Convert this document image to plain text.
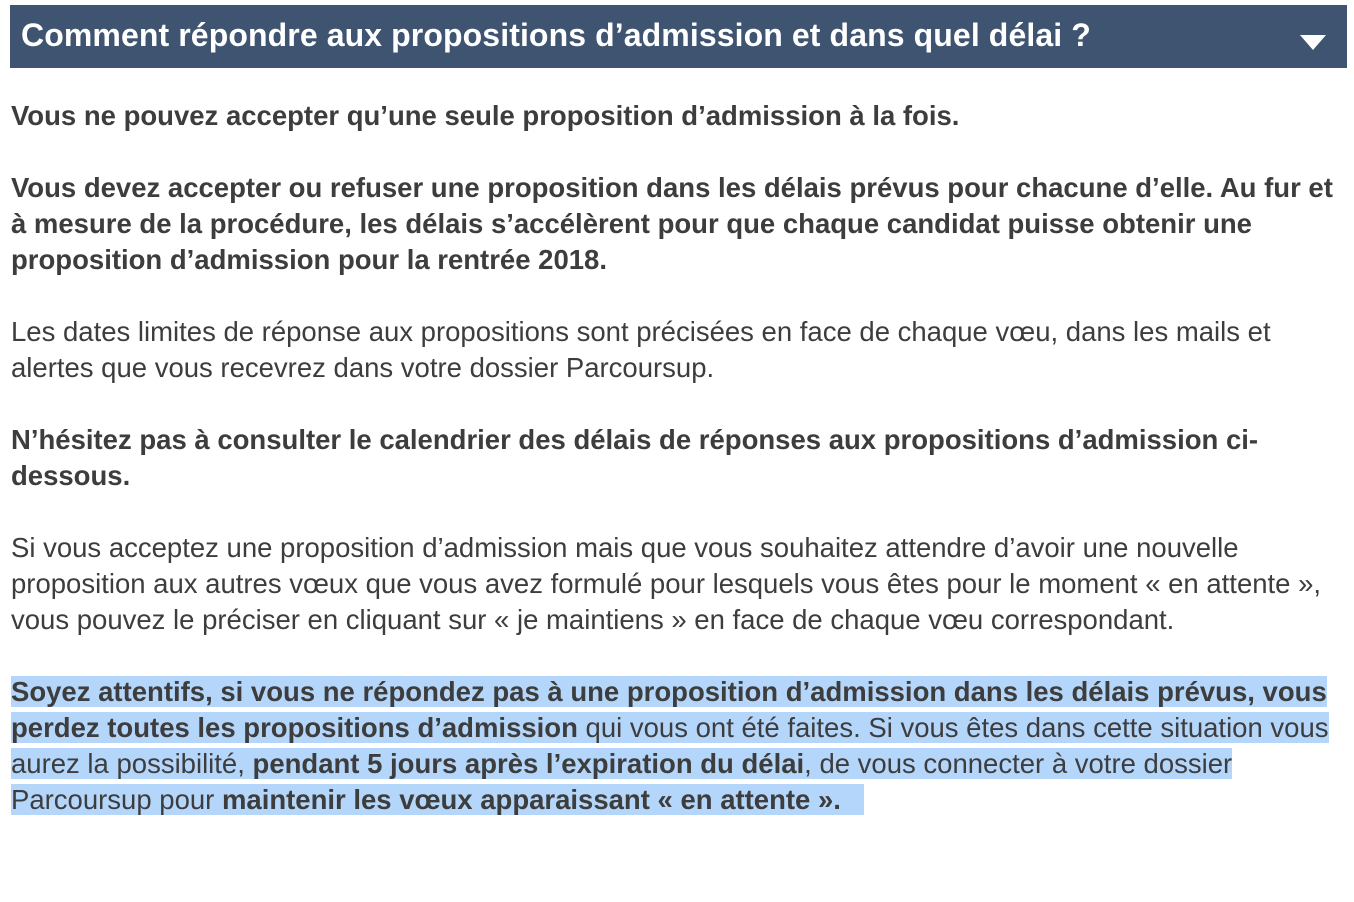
Comment répondre aux propositions d’admission et dans quel délai ?

Vous ne pouvez accepter qu’une seule proposition d’admission à la fois.

Vous devez accepter ou refuser une proposition dans les délais prévus pour chacune d’elle. Au fur et à mesure de la procédure, les délais s’accélèrent pour que chaque candidat puisse obtenir une proposition d’admission pour la rentrée 2018.

Les dates limites de réponse aux propositions sont précisées en face de chaque vœu, dans les mails et alertes que vous recevrez dans votre dossier Parcoursup.

N’hésitez pas à consulter le calendrier des délais de réponses aux propositions d’admission ci-dessous.

Si vous acceptez une proposition d’admission mais que vous souhaitez attendre d’avoir une nouvelle proposition aux autres vœux que vous avez formulé pour lesquels vous êtes pour le moment « en attente », vous pouvez le préciser en cliquant sur « je maintiens » en face de chaque vœu correspondant.

Soyez attentifs, si vous ne répondez pas à une proposition d’admission dans les délais prévus, vous perdez toutes les propositions d’admission qui vous ont été faites. Si vous êtes dans cette situation vous aurez la possibilité, pendant 5 jours après l’expiration du délai, de vous connecter à votre dossier Parcoursup pour maintenir les vœux apparaissant « en attente ».
